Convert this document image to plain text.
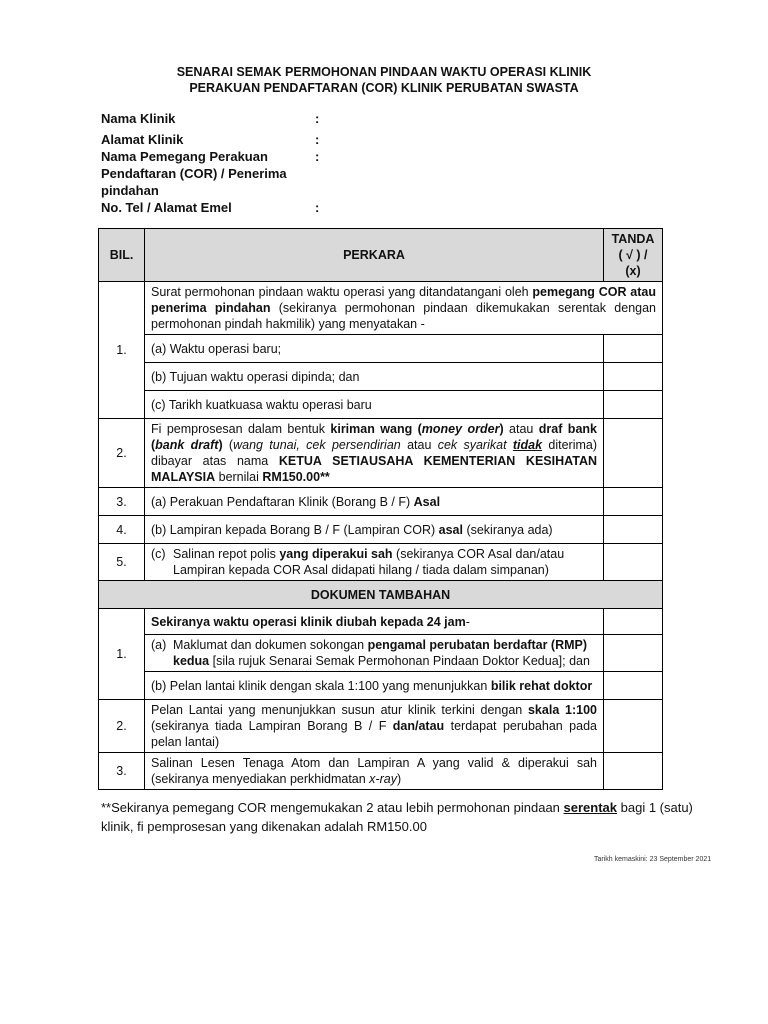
SENARAI SEMAK PERMOHONAN PINDAAN WAKTU OPERASI KLINIK
PERAKUAN PENDAFTARAN (COR) KLINIK PERUBATAN SWASTA
Nama Klinik	:
Alamat Klinik	:
Nama Pemegang Perakuan Pendaftaran (COR) / Penerima pindahan
:
No. Tel / Alamat Emel	:
BIL.	PERKARA	TANDA ( √ ) / (x)
1.	Surat permohonan pindaan waktu operasi yang ditandatangani oleh pemegang COR atau penerima pindahan (sekiranya permohonan pindaan dikemukakan serentak dengan permohonan pindah hakmilik) yang menyatakan -	
	(a) Waktu operasi baru;	
	(b) Tujuan waktu operasi dipinda; dan	
	(c) Tarikh kuatkuasa waktu operasi baru	
2.	Fi pemprosesan dalam bentuk kiriman wang (money order) atau draf bank (bank draft) (wang tunai, cek persendirian atau cek syarikat tidak diterima) dibayar atas nama KETUA SETIAUSAHA KEMENTERIAN KESIHATAN MALAYSIA bernilai RM150.00**	
3.	(a) Perakuan Pendaftaran Klinik (Borang B / F) Asal	
4.	(b) Lampiran kepada Borang B / F (Lampiran COR) asal (sekiranya ada)	
5.	(c) Salinan repot polis yang diperakui sah (sekiranya COR Asal dan/atau Lampiran kepada COR Asal didapati hilang / tiada dalam simpanan)	

DOKUMEN TAMBAHAN		
1.	Sekiranya waktu operasi klinik diubah kepada 24 jam-	

	(a) Maklumat dan dokumen sokongan pengamal perubatan berdaftar (RMP) kedua [sila rujuk Senarai Semak Permohonan Pindaan Doktor Kedua]; dan	

	(b) Pelan lantai klinik dengan skala 1:100 yang menunjukkan bilik rehat doktor	
2.	Pelan Lantai yang menunjukkan susun atur klinik terkini dengan skala 1:100 (sekiranya tiada Lampiran Borang B / F dan/atau terdapat perubahan pada pelan lantai)	
3.	Salinan Lesen Tenaga Atom dan Lampiran A yang valid & diperakui sah (sekiranya menyediakan perkhidmatan x-ray)	
**Sekiranya pemegang COR mengemukakan 2 atau lebih permohonan pindaan serentak bagi 1 (satu) klinik, fi pemprosesan yang dikenakan adalah RM150.00
Tarikh kemaskini: 23 September 2021
